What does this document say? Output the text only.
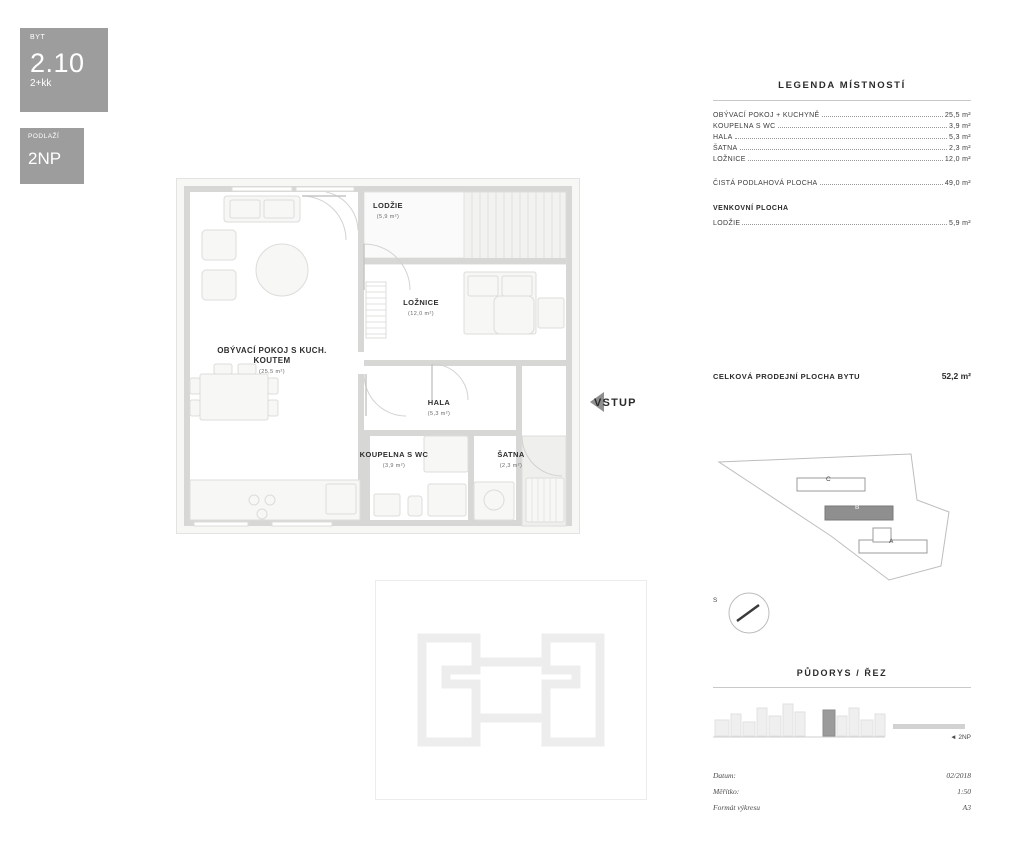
BYT
2.10
2+kk
PODLAŽÍ
2NP
LODŽIE
(5,9 m²)
LOŽNICE
(12,0 m²)
OBÝVACÍ POKOJ S KUCH. KOUTEM
(25,5 m²)
HALA
(5,3 m²)
KOUPELNA S WC
(3,9 m²)
ŠATNA
(2,3 m²)
VSTUP
LEGENDA MÍSTNOSTÍ
OBÝVACÍ POKOJ + KUCHYNĚ	25,5 m²
KOUPELNA S WC	3,9 m²
HALA	5,3 m²
ŠATNA	2,3 m²
LOŽNICE	12,0 m²
ČISTÁ PODLAHOVÁ PLOCHA	49,0 m²
VENKOVNÍ PLOCHA
LODŽIE	5,9 m²
CELKOVÁ PRODEJNÍ PLOCHA BYTU	52,2 m²
C
B
A
S
PŮDORYS / ŘEZ
◄ 2NP
Datum:	02/2018
Měřítko:	1:50
Formát výkresu	A3
